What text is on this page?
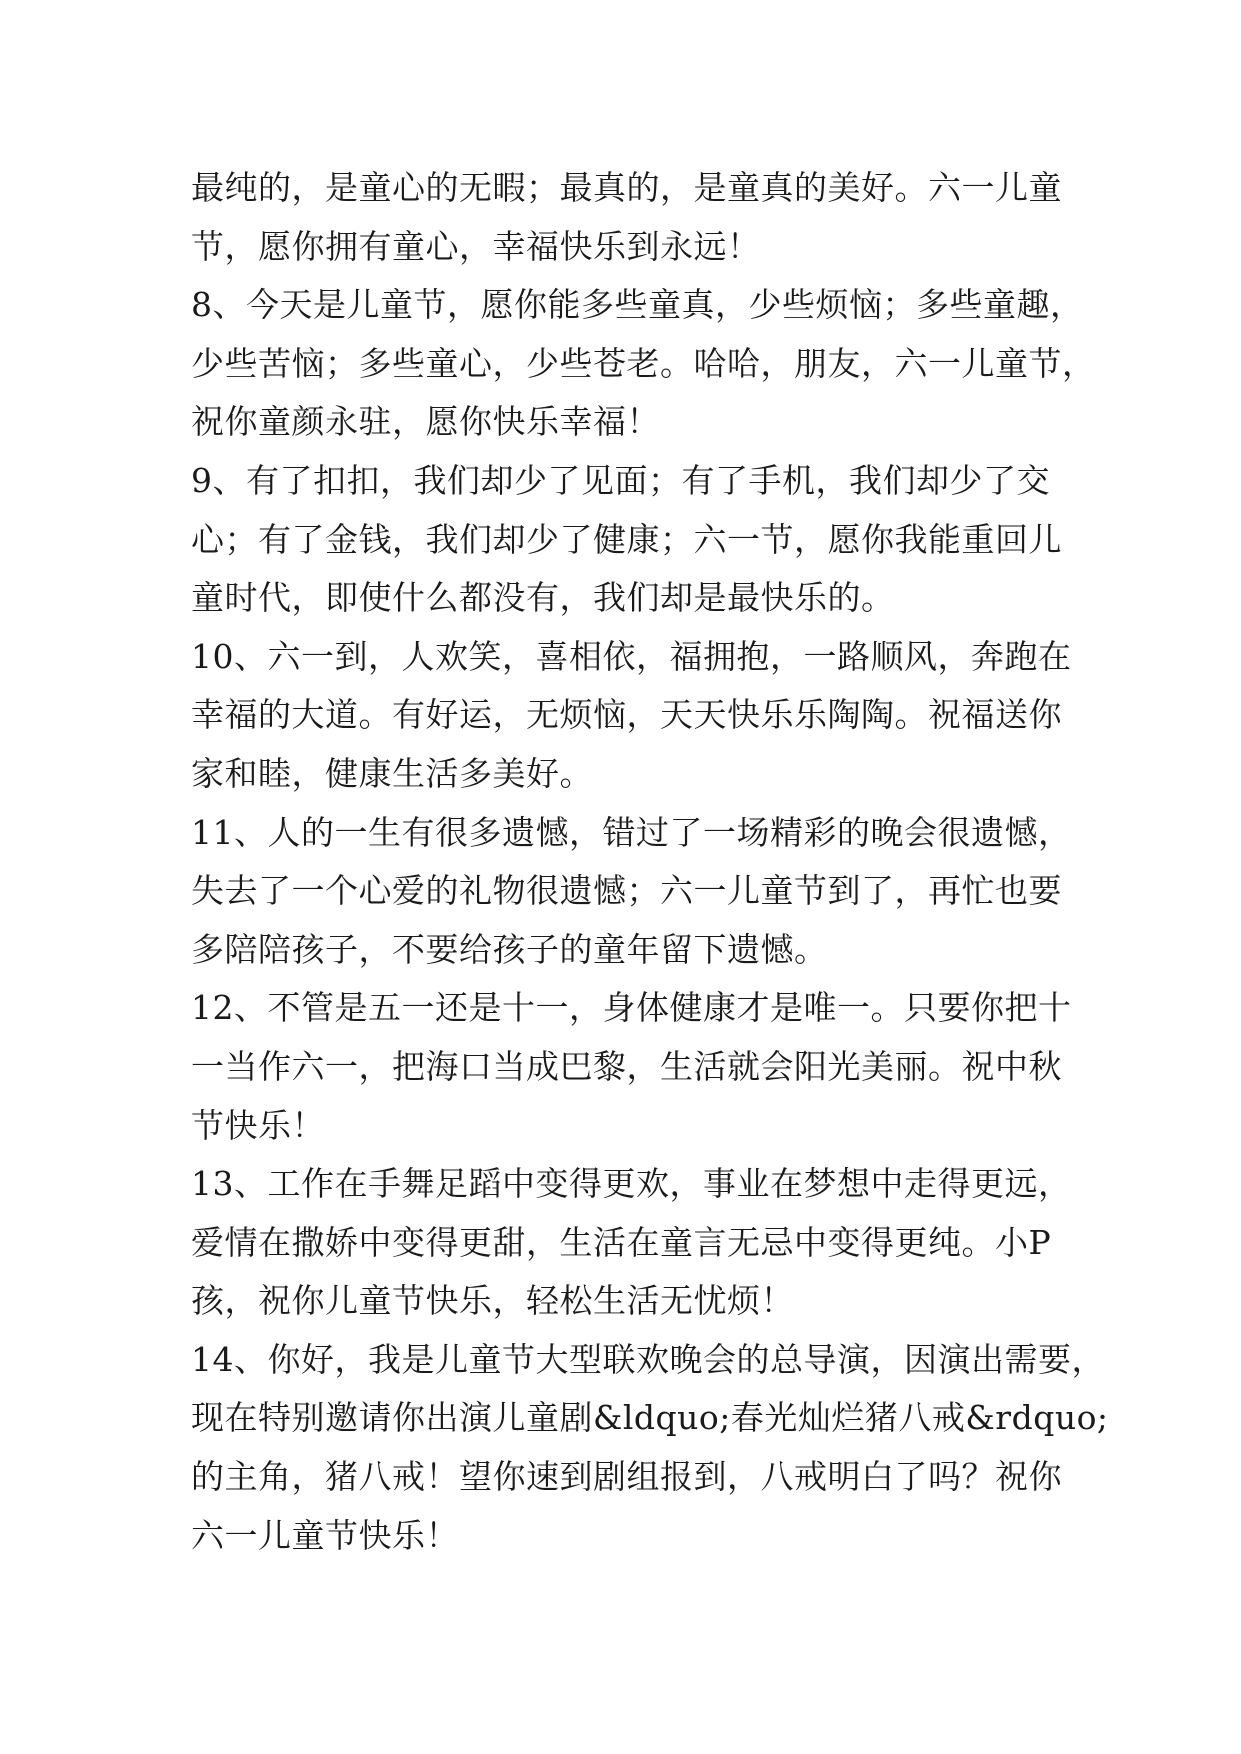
最纯的，是童心的无暇；最真的，是童真的美好。六一儿童
节，愿你拥有童心，幸福快乐到永远！
8、今天是儿童节，愿你能多些童真，少些烦恼；多些童趣，
少些苦恼；多些童心，少些苍老。哈哈，朋友，六一儿童节，
祝你童颜永驻，愿你快乐幸福！
9、有了扣扣，我们却少了见面；有了手机，我们却少了交
心；有了金钱，我们却少了健康；六一节，愿你我能重回儿
童时代，即使什么都没有，我们却是最快乐的。
10、六一到，人欢笑，喜相依，福拥抱，一路顺风，奔跑在
幸福的大道。有好运，无烦恼，天天快乐乐陶陶。祝福送你
家和睦，健康生活多美好。
11、人的一生有很多遗憾，错过了一场精彩的晚会很遗憾，
失去了一个心爱的礼物很遗憾；六一儿童节到了，再忙也要
多陪陪孩子，不要给孩子的童年留下遗憾。
12、不管是五一还是十一，身体健康才是唯一。只要你把十
一当作六一，把海口当成巴黎，生活就会阳光美丽。祝中秋
节快乐！
13、工作在手舞足蹈中变得更欢，事业在梦想中走得更远，
爱情在撒娇中变得更甜，生活在童言无忌中变得更纯。小P
孩，祝你儿童节快乐，轻松生活无忧烦！
14、你好，我是儿童节大型联欢晚会的总导演，因演出需要，
现在特别邀请你出演儿童剧&ldquo;春光灿烂猪八戒&rdquo;
的主角，猪八戒！望你速到剧组报到，八戒明白了吗？祝你
六一儿童节快乐！
